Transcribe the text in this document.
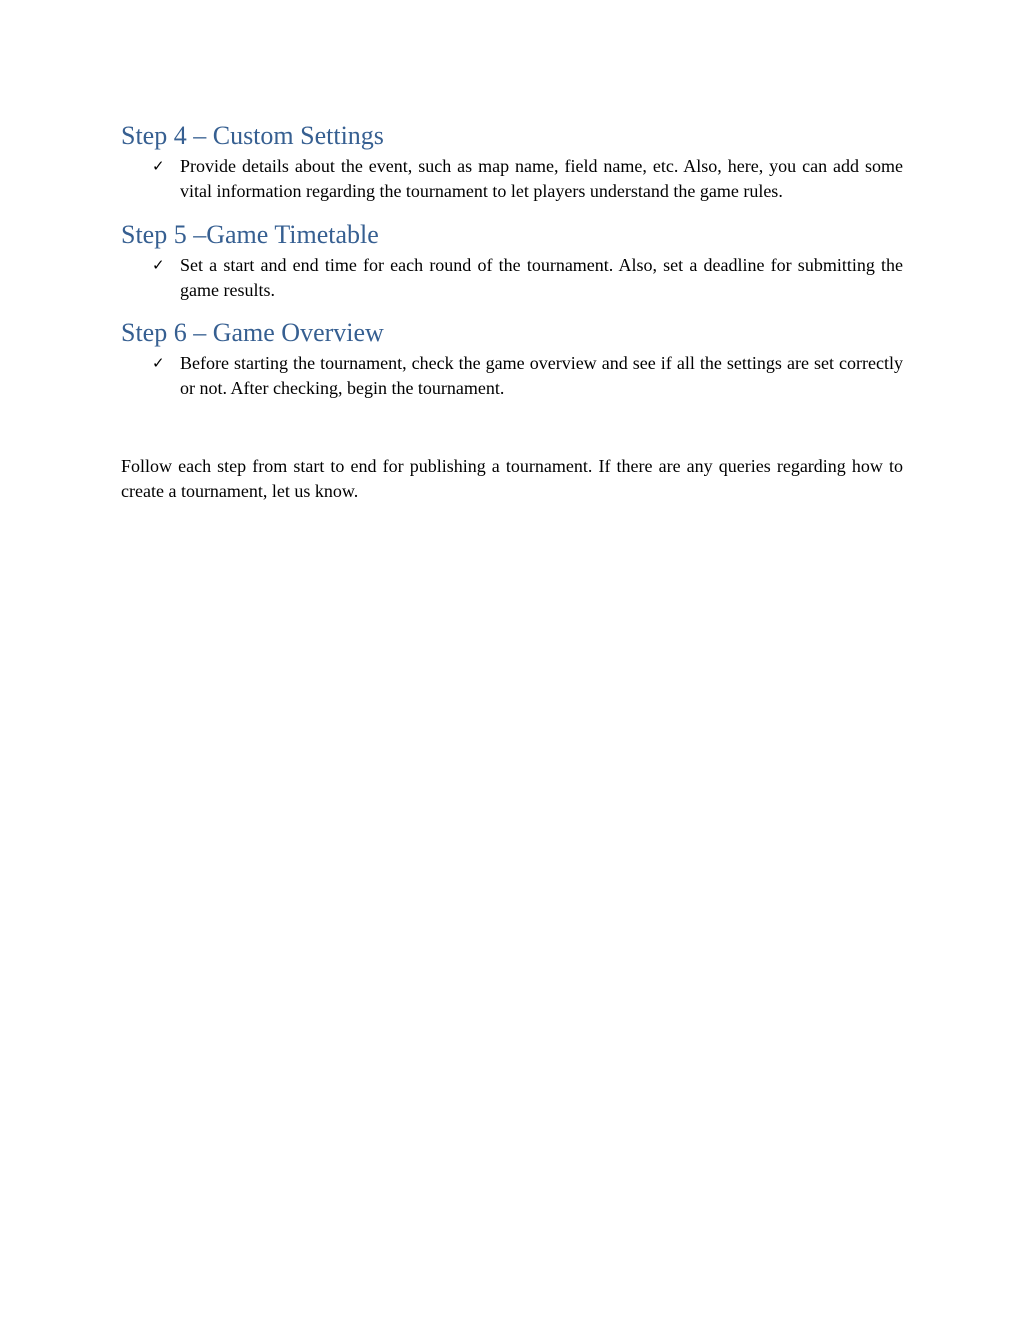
Step 4 – Custom Settings
✓ Provide details about the event, such as map name, field name, etc. Also, here, you can add some vital information regarding the tournament to let players understand the game rules.
Step 5 –Game Timetable
✓ Set a start and end time for each round of the tournament. Also, set a deadline for submitting the game results.
Step 6 – Game Overview
✓ Before starting the tournament, check the game overview and see if all the settings are set correctly or not. After checking, begin the tournament.

Follow each step from start to end for publishing a tournament. If there are any queries regarding how to create a tournament, let us know.
